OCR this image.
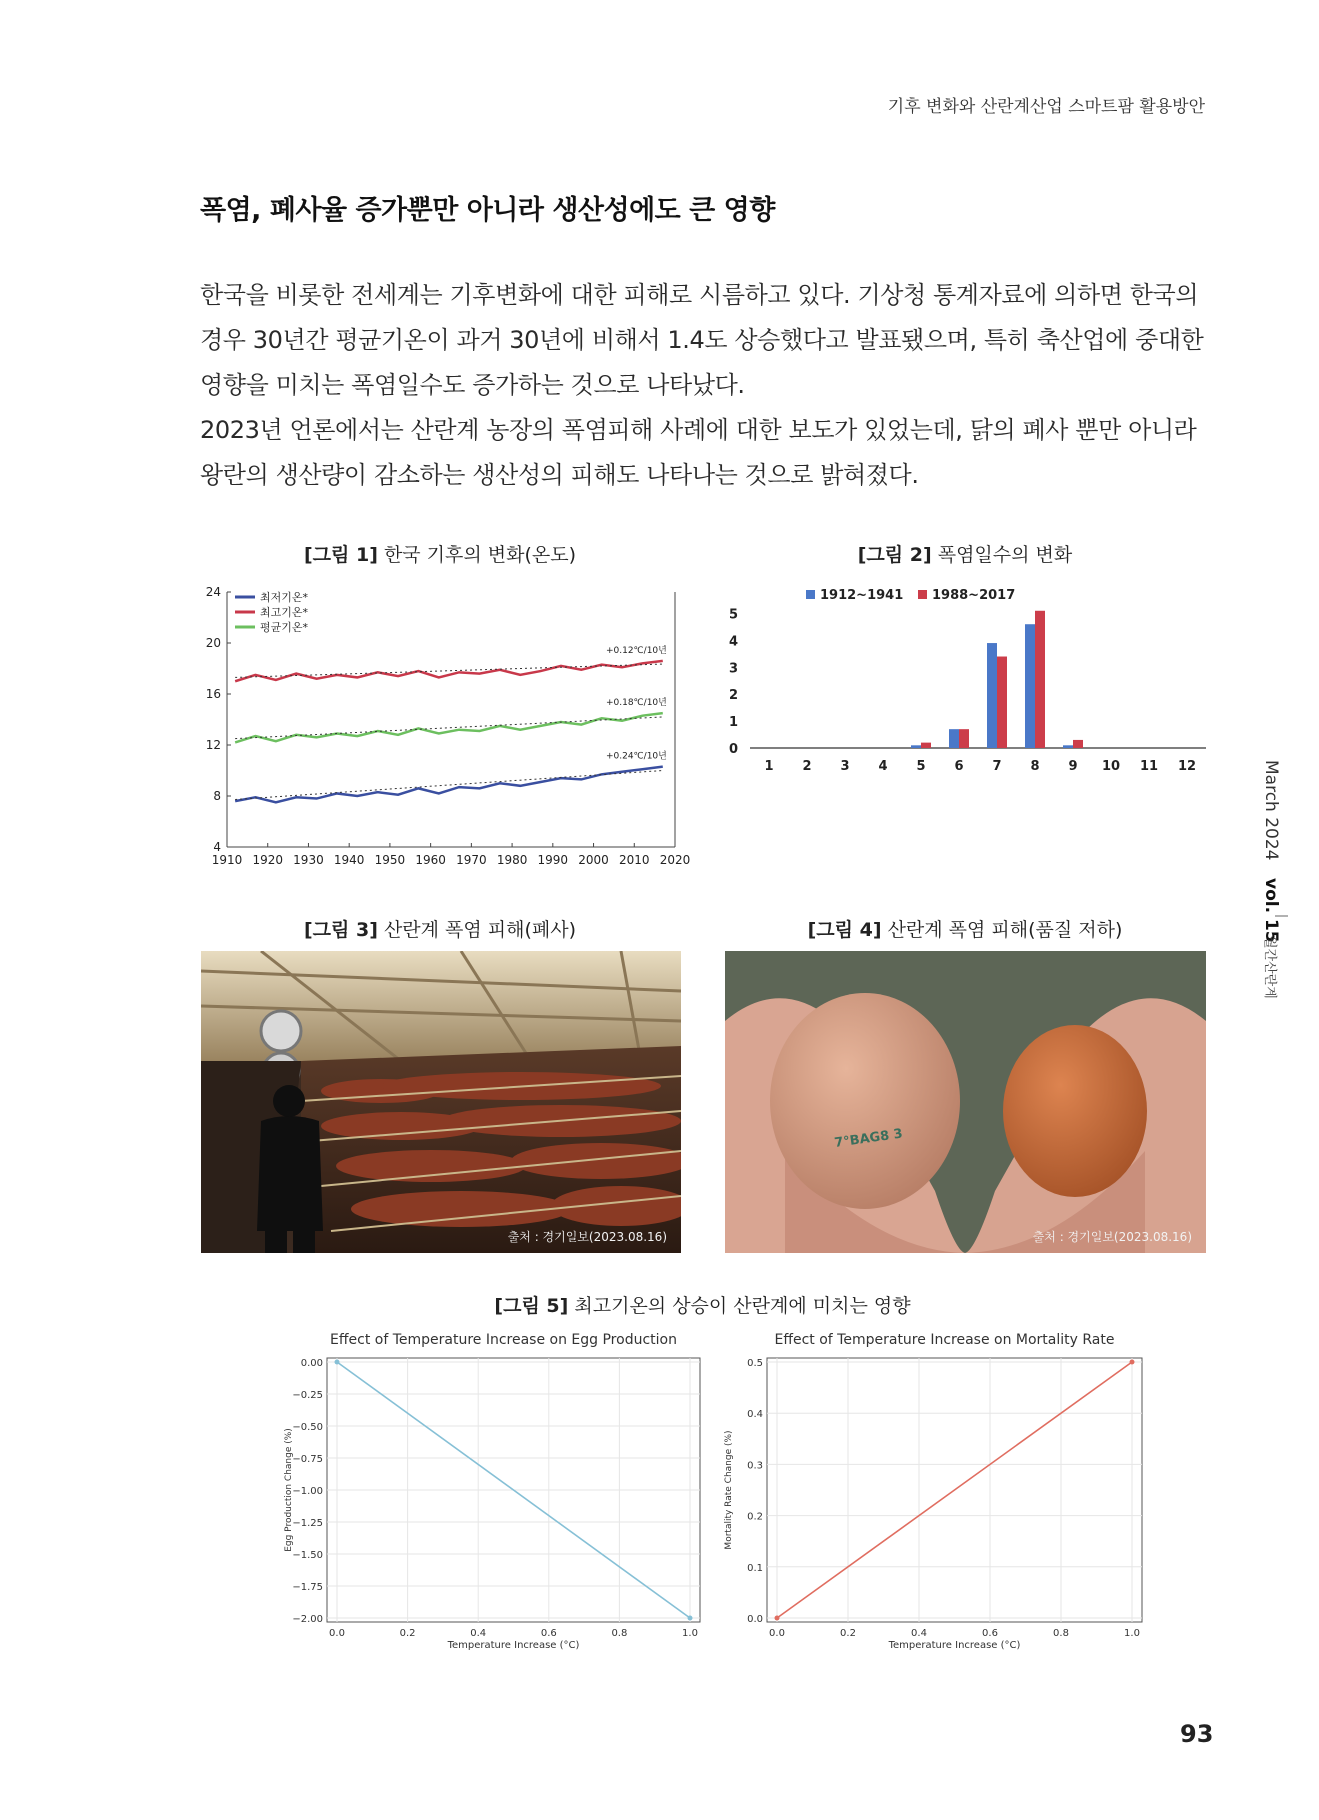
기후 변화와 산란계산업 스마트팜 활용방안
폭염, 폐사율 증가뿐만 아니라 생산성에도 큰 영향

한국을 비롯한 전세계는 기후변화에 대한 피해로 시름하고 있다. 기상청 통계자료에 의하면 한국의 경우 30년간 평균기온이 과거 30년에 비해서 1.4도 상승했다고 발표됐으며, 특히 축산업에 중대한 영향을 미치는 폭염일수도 증가하는 것으로 나타났다.

2023년 언론에서는 산란계 농장의 폭염피해 사례에 대한 보도가 있었는데, 닭의 폐사 뿐만 아니라 왕란의 생산량이 감소하는 생산성의 피해도 나타나는 것으로 밝혀졌다.

[그림 1] 한국 기후의 변화(온도)	[그림 2] 폭염일수의 변화
[그림 3] 산란계 폭염 피해(폐사)	[그림 4] 산란계 폭염 피해(품질 저하)
[그림 5] 최고기온의 상승이 산란계에 미치는 영향
1910 1920 1930 1940 1950 1960 1970 1980 1990 2000 2010 2020
4
8
12
16
20
24
+0.24℃/10년
최저기온*
+0.12℃/10년
최고기온*
+0.18℃/10년
평균기온*
0
1
2
3
4
5
1 2 3 4 5 6 7 8 9 10 11 12
1912~1941 1988~2017
출처 : 경기일보(2023.08.16)
7°BAG8 3
출처 : 경기일보(2023.08.16)
Effect of Temperature Increase on Egg Production
0.0	0.2	0.4	0.6	0.8	1.0
0.00
−0.25
−0.50
−0.75
−1.00
−1.25
−1.50
−1.75
−2.00
Temperature Increase (°C)
Egg Production Change (%)
Effect of Temperature Increase on Mortality Rate
0.0	0.2	0.4	0.6	0.8	1.0
0.0
0.1
0.2
0.3
0.4
0.5
Temperature Increase (°C)
Mortality Rate Change (%)
March 2024
vol. 15
월간산란계
93
